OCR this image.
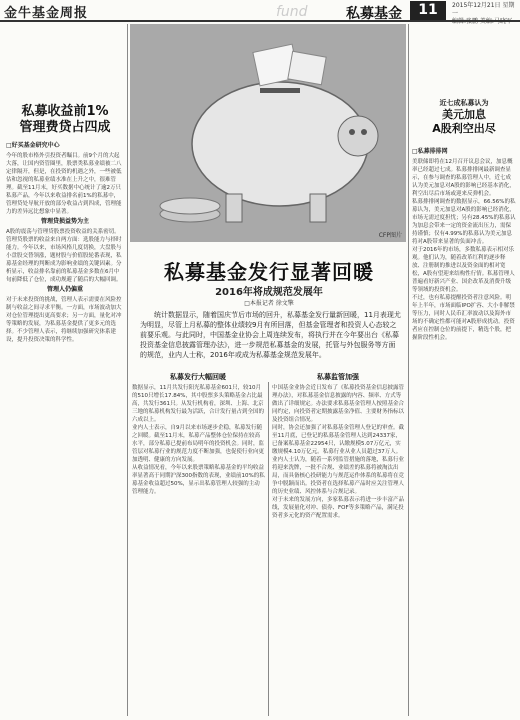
金牛基金周报	fund	私募基金	11	2015年12月21日 星期一
编辑:张鹏 美编:马晓军
私募收益前1%
管理费贷占四成
□好买基金研究中心

今年的股市格外引投资者瞩目。前9个月的大起大落，让国内资管圈里，股票类私募业绩被二八定律隔开，但是，在投资的机遇之外，一些被低估和忽视的私募业绩水准在上升之中，很难管理。截至11月末，好买数据中心统计了逾2万只私募产品，今年以来收益排名前1%的私募中，管理贷处导航开放的部分收益占到四成，管理能力的差异远比想象中显著。

管理贷损益势为主

A股的震荡与管理贷股票投资收益的关系密切。管理贷股票的收益来自两方面：选股能力与择时能力。今年以来，市场风格几度切换，大盘股与小盘股交替领涨，题材股与价值股轮番表现，私募基金经理的判断成为影响业绩的关键因素。分析显示，收益排名靠前的私募基金多数在6月中旬前降低了仓位，成功规避了随后的大幅回调。

管理人仍偏重

对于未来投资的挑战，管理人表示需要在风险控制与收益之间寻求平衡。一方面，市场波动加大对仓位管理提出更高要求；另一方面，量化对冲等策略的发展，为私募基金提供了更多元的选择。不少管理人表示，将继续加强研究体系建设，提升投资决策的科学性。

CFP图片
私募基金发行显著回暖
2016年将成规范发展年
□本报记者 徐文擎
统计数据显示，随着国庆节后市场的回升，私募基金发行量新回暖，11月表现尤为明显，尽管上月私募的整体业绩较9月有所回落，但基金管理者和投资人心态较之前要乐观。与此同时，中国基金业协会上周连续发布，将执行并在今年要出台《私募投资基金信息披露管理办法》，进一步规范私募基金的发展，托管与外包服务等方面的规范，业内人士称，2016年或成为私募基金规范发展年。
私募发行大幅回暖

数据显示，11月共发行阳光私募基金601只，较10月的510只增长17.84%，其中股票多头策略基金占比最高，共发行361只。从发行机构看，深圳、上海、北京三地的私募机构发行最为活跃，合计发行量占到全国的六成以上。

业内人士表示，自9月以来市场逐步企稳，私募发行随之回暖。截至11月末，私募产品整体仓位保持在较高水平，部分私募已提前布局明年的投资机会。同时，监管层对私募行业的规范力度不断加强，也促使行业向更加透明、健康的方向发展。

从收益情况看，今年以来股票策略私募基金的平均收益率显著高于同期沪深300指数的表现，业绩前10%的私募基金收益超过50%，显示出私募管理人较强的主动管理能力。

私募监管加强

中国基金业协会近日发布了《私募投资基金信息披露管理办法》，对私募基金信息披露的内容、频率、方式等做出了详细规定。办法要求私募基金管理人按照基金合同约定，向投资者定期披露基金净值、主要财务指标以及投资组合情况。

同时，协会还加强了对私募基金管理人登记的审查。截至11月底，已登记的私募基金管理人达到24337家，已备案私募基金22954只，认缴规模5.07万亿元，实缴规模4.10万亿元。私募行业从业人员超过37万人。

业内人士认为，随着一系列监管措施的落地，私募行业将迎来洗牌，一批不合规、业绩差的私募将被淘汰出局，而具备核心投研能力与规范运作体系的私募将在竞争中脱颖而出。投资者在选择私募产品时应关注管理人的历史业绩、风控体系与合规记录。

对于未来的发展方向，多家私募表示将进一步丰富产品线，发展量化对冲、债券、FOF等多策略产品，满足投资者多元化的资产配置需求。

近七成私募认为
美元加息
A股利空出尽
□私募排排网

美联储即将在12月召开议息会议，加息概率已经超过七成。私募排排网最新调查显示，在参与调查的私募管理人中，近七成认为美元加息对A股的影响已经基本消化，利空出尽后市场或迎来反弹机会。

私募排排网调查的数据显示，66.56%的私募认为，美元加息对A股的影响已经消化，市场无需过度担忧；另有28.45%的私募认为加息会带来一定的资金流出压力，需保持谨慎；仅有4.99%的私募认为美元加息将对A股带来显著的负面冲击。

对于2016年的市场，多数私募表示相对乐观。他们认为，随着改革红利的逐步释放、注册制的推进以及资金面的相对宽松，A股有望迎来结构性行情。私募管理人普遍看好新兴产业、国企改革及消费升级等领域的投资机会。

不过，也有私募提醒投资者注意风险。明年上半年，市场面临IPO扩容、大小非解禁等压力，同时人民币汇率波动以及海外市场的不确定性都可能对A股形成扰动。投资者应在控制仓位的前提下，精选个股，把握阶段性机会。
